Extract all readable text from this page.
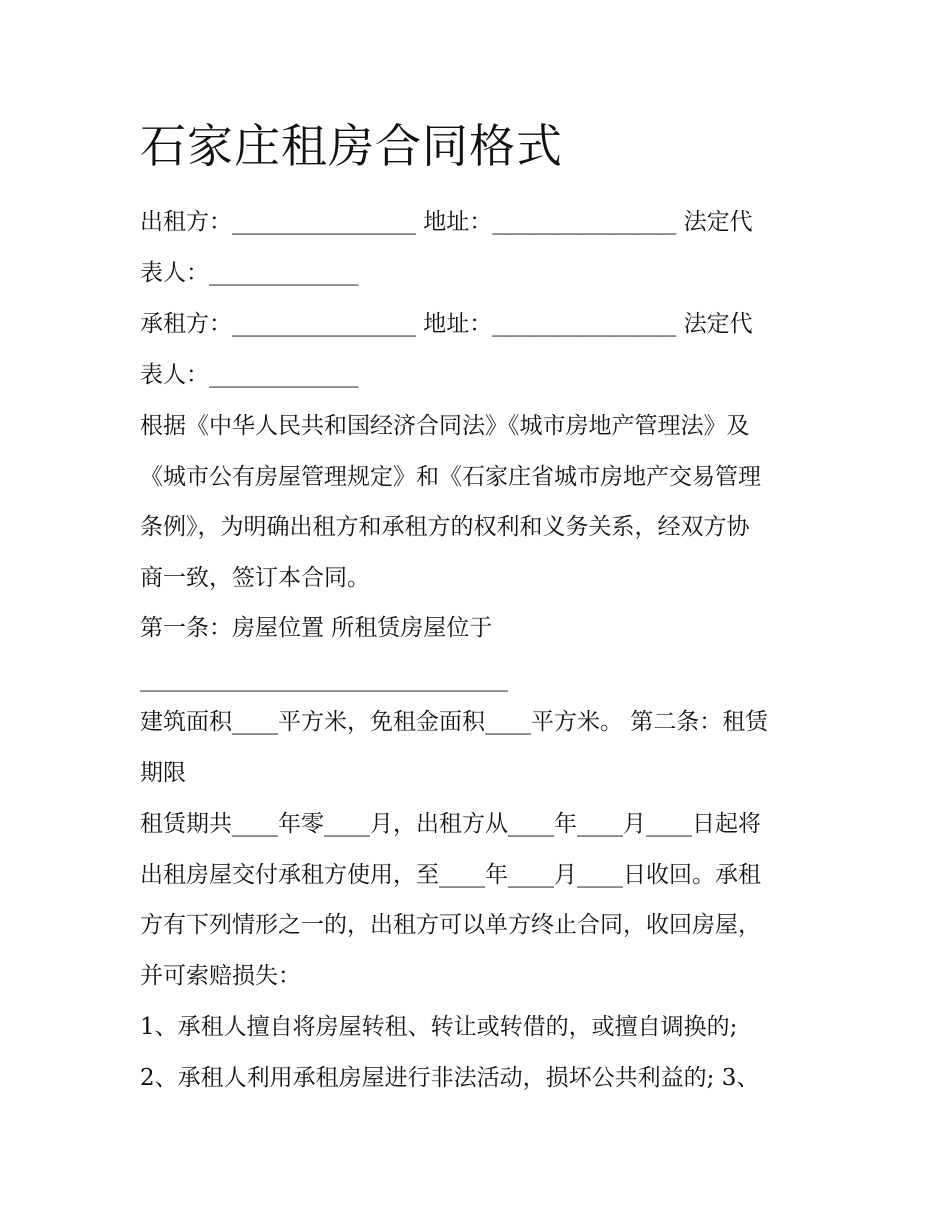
石家庄租房合同格式
出租方：________________ 地址：________________ 法定代
表人：_____________
承租方：________________ 地址：________________ 法定代
表人：_____________
根据《中华人民共和国经济合同法》《城市房地产管理法》及
《城市公有房屋管理规定》和《石家庄省城市房地产交易管理
条例》，为明确出租方和承租方的权利和义务关系，经双方协
商一致，签订本合同。
第一条：房屋位置 所租赁房屋位于
________________________________
建筑面积____平方米，免租金面积____平方米。 第二条：租赁
期限
租赁期共____年零____月，出租方从____年____月____日起将
出租房屋交付承租方使用，至____年____月____日收回。承租
方有下列情形之一的，出租方可以单方终止合同，收回房屋，
并可索赔损失：
1、承租人擅自将房屋转租、转让或转借的，或擅自调换的;
2、承租人利用承租房屋进行非法活动，损坏公共利益的; 3、
